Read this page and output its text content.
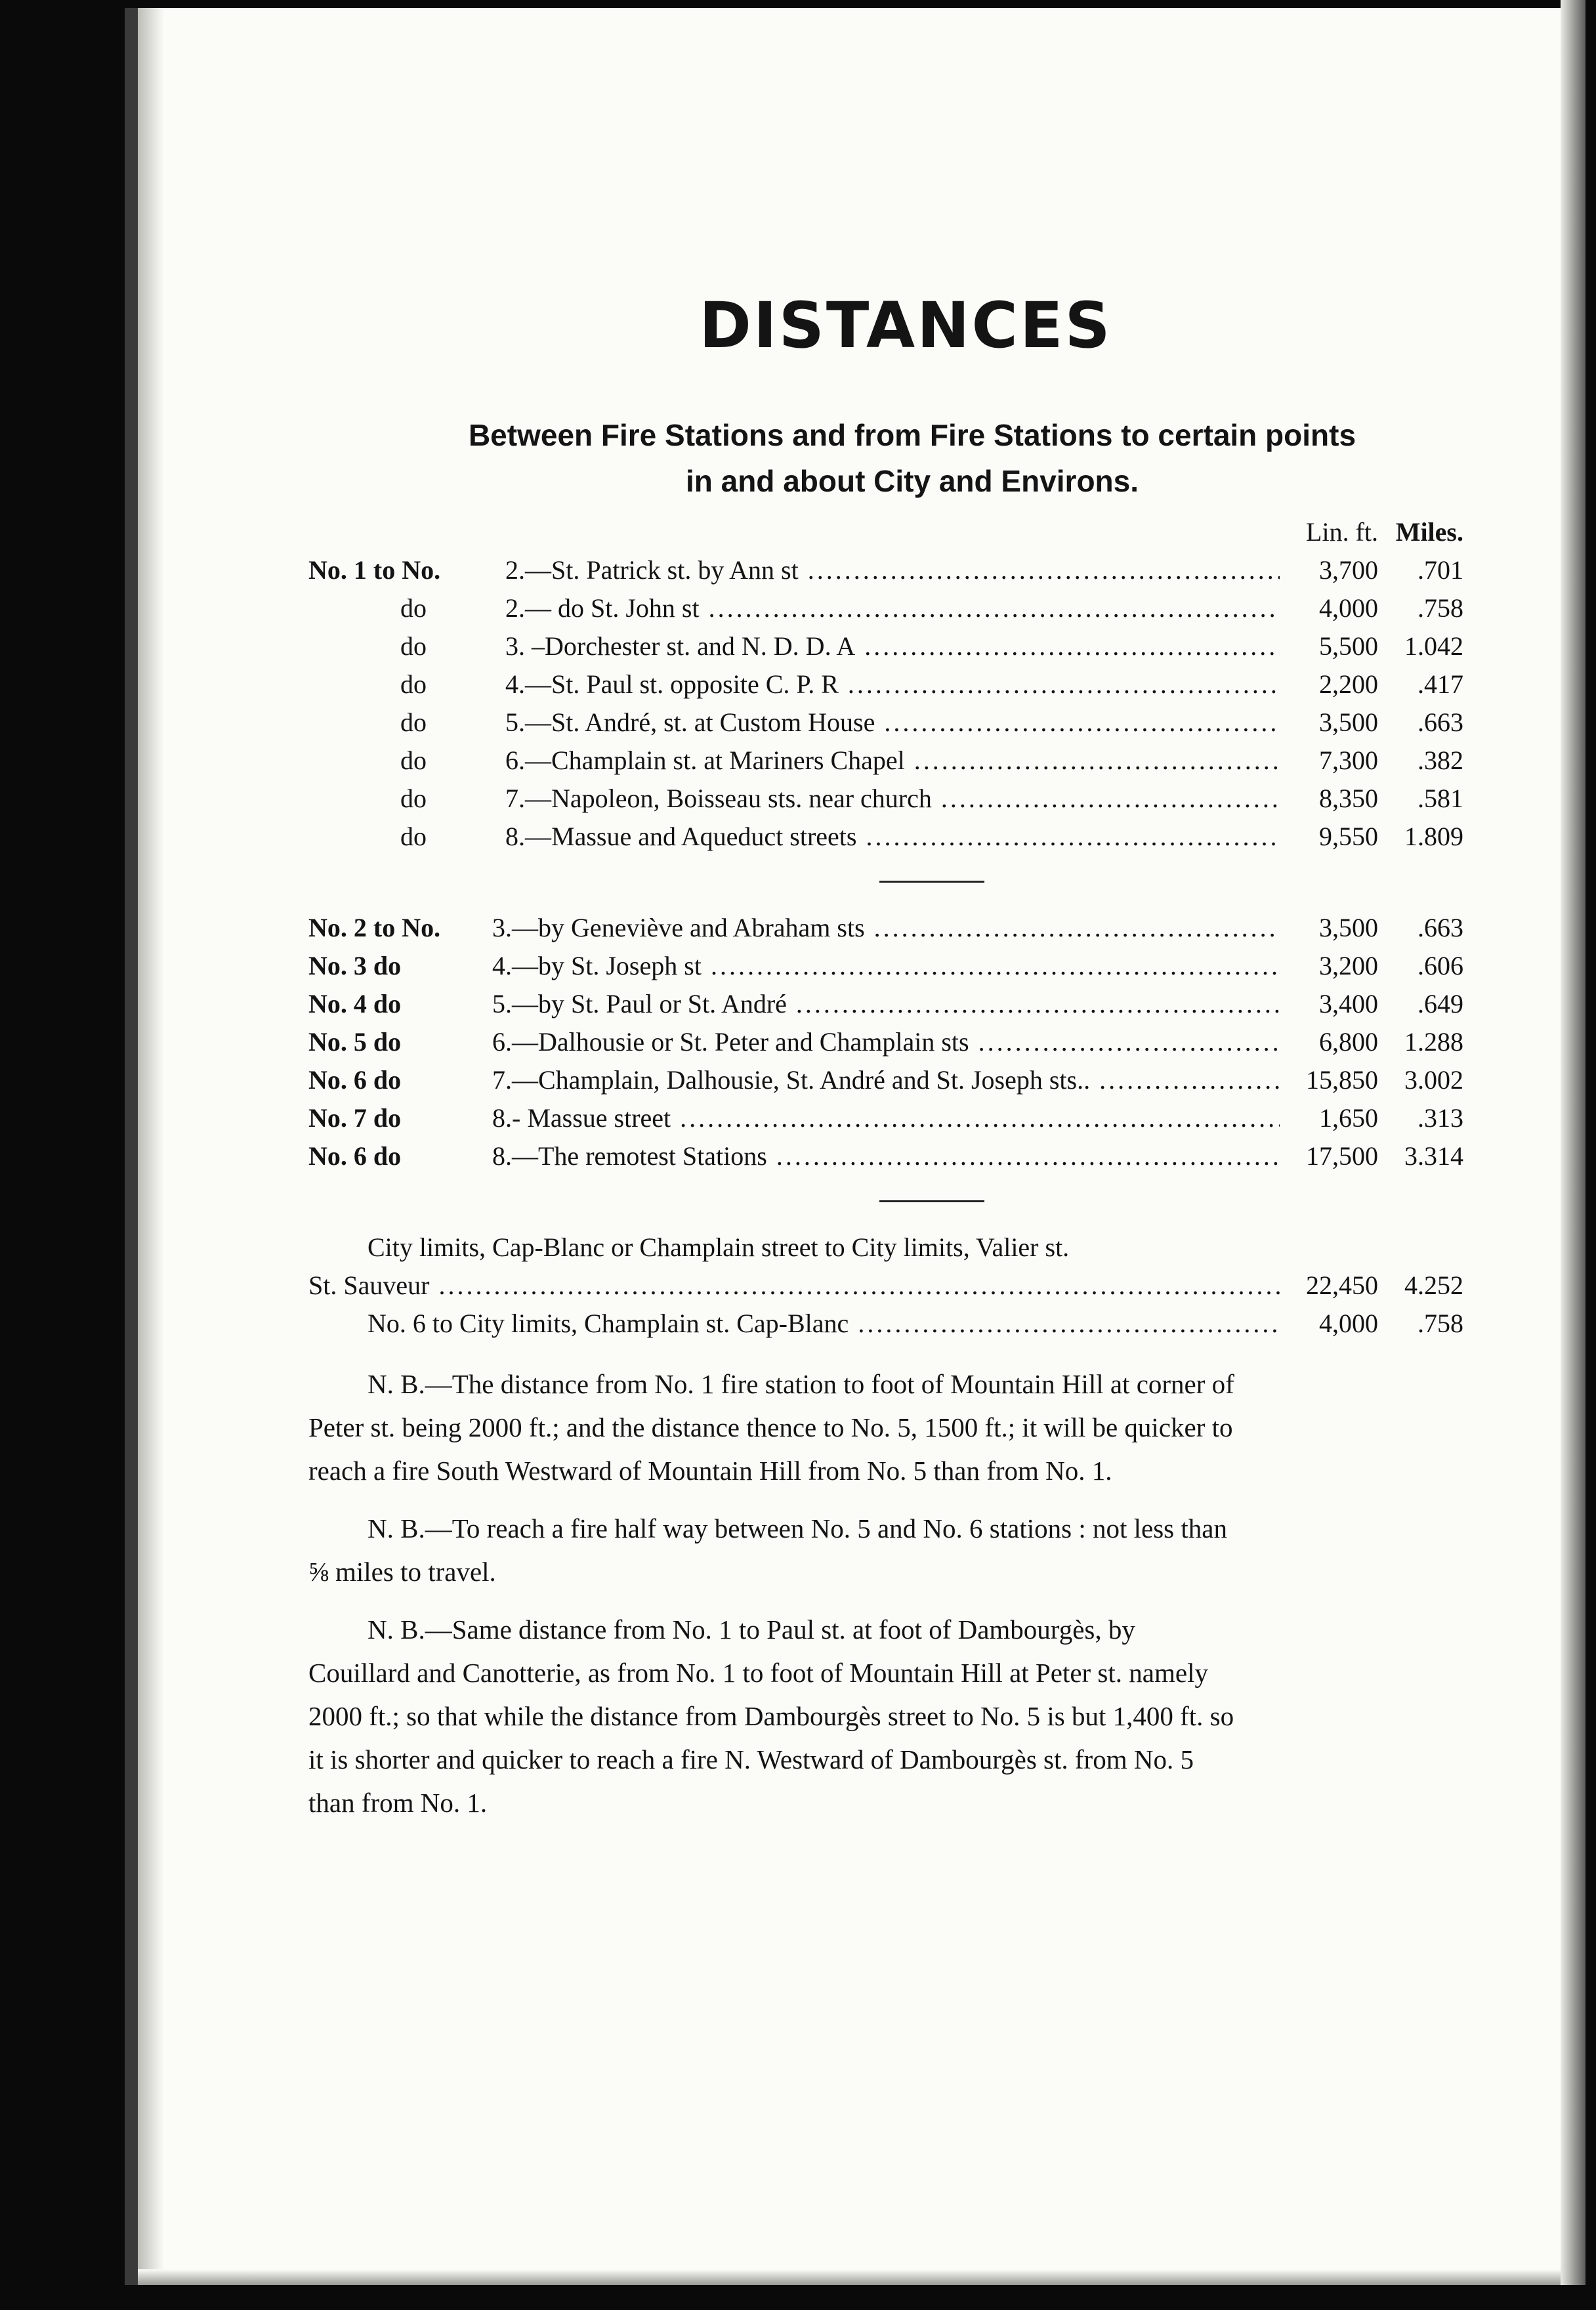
DISTANCES
Between Fire Stations and from Fire Stations to certain points
in and about City and Environs.
Lin. ft. Miles.
No. 1 to No.	2.—St. Patrick st. by Ann st .....	3,700	.701
do	2.— do St. John st .....	4,000	.758
do	3. –Dorchester st. and N. D. D. A .....	5,500	1.042
do	4.—St. Paul st. opposite C. P. R .....	2,200	.417
do	5.—St. André, st. at Custom House .....	3,500	.663
do	6.—Champlain st. at Mariners Chapel .....	7,300	.382
do	7.—Napoleon, Boisseau sts. near church .....	8,350	.581
do	8.—Massue and Aqueduct streets .....	9,550	1.809
No. 2 to No.	3.—by Geneviève and Abraham sts .....	3,500	.663
No. 3 do	4.—by St. Joseph st .....	3,200	.606
No. 4 do	5.—by St. Paul or St. André .....	3,400	.649
No. 5 do	6.—Dalhousie or St. Peter and Champlain sts .....	6,800	1.288
No. 6 do	7.—Champlain, Dalhousie, St. André and St. Joseph sts.. .....	15,850	3.002
No. 7 do	8.- Massue street .....	1,650	.313
No. 6 do	8.—The remotest Stations .....	17,500	3.314
City limits, Cap-Blanc or Champlain street to City limits, Valier st.
St. Sauveur .....	22,450	4.252
No. 6 to City limits, Champlain st. Cap-Blanc .....	4,000	.758

N. B.—The distance from No. 1 fire station to foot of Mountain Hill at corner of Peter st. being 2000 ft.; and the distance thence to No. 5, 1500 ft.; it will be quicker to reach a fire South Westward of Mountain Hill from No. 5 than from No. 1.

N. B.—To reach a fire half way between No. 5 and No. 6 stations : not less than ⅝ miles to travel.

N. B.—Same distance from No. 1 to Paul st. at foot of Dambourgès, by Couillard and Canotterie, as from No. 1 to foot of Mountain Hill at Peter st. namely 2000 ft.; so that while the distance from Dambourgès street to No. 5 is but 1,400 ft. so it is shorter and quicker to reach a fire N. Westward of Dambourgès st. from No. 5 than from No. 1.
